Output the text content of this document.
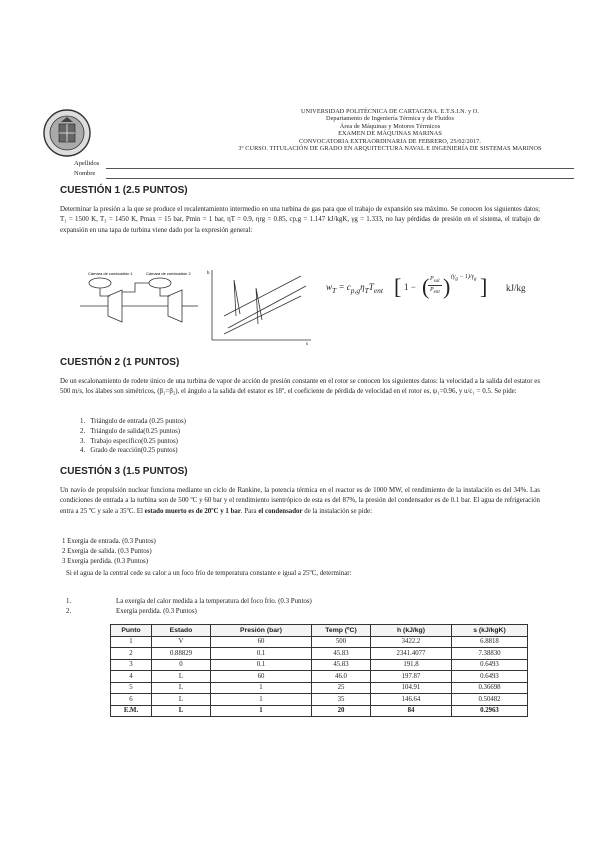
UNIVERSIDAD POLITÉCNICA DE CARTAGENA. E.T.S.I.N. y O.
Departamento de Ingeniería Térmica y de Fluidos
Área de Máquinas y Motores Térmicos
EXAMEN DE MÁQUINAS MARINAS
CONVOCATORIA EXTRAORDINARIA DE FEBRERO, 25/02/2017.
3º CURSO. TITULACIÓN DE GRADO EN ARQUITECTURA NAVAL E INGENIERÍA DE SISTEMAS MARINOS
Apellidos
Nombre
CUESTIÓN 1 (2.5 PUNTOS)
Determinar la presión a la que se produce el recalentamiento intermedio en una turbina de gas para que el trabajo de expansión sea máximo. Se conocen los siguientes datos; T₁ = 1500 K, T₃ = 1450 K, Pmax = 15 bar, Pmin = 1 bar, ηT = 0.9, ηrg = 0.85, cp,g = 1.147 kJ/kgK, γg = 1.333, no hay pérdidas de presión en el sistema, el trabajo de expansión en una tapa de turbina viene dado por la expresión general:
Cámara de combustión 1	Cámara de combustión 2	h
s
$w_T = c_{p,g}\eta_TT_{ent}$ [ 1 − ( $P_{sal}$
$P_{ent}$ ) $(\gamma_g - 1)/\gamma_g$ ] kJ/kg
CUESTIÓN 2 (1 PUNTOS)
De un escalonamiento de rodete único de una turbina de vapor de acción de presión constante en el rotor se conocen los siguientes datos: la velocidad a la salida del estator es 500 m/s, los álabes son simétricos, (β₁=β₂), el ángulo a la salida del estator es 18º, el coeficiente de pérdida de velocidad en el rotor es, ψ₁=0.96, y u/c₁ = 0.5. Se pide:
1.   Triángulo de entrada (0.25 puntos)
2.   Triángulo de salida(0.25 puntos)
3.   Trabajo específico(0.25 puntos)
4.   Grado de reacción(0.25 puntos)
CUESTIÓN 3 (1.5 PUNTOS)
Un navío de propulsión nuclear funciona mediante un ciclo de Rankine, la potencia térmica en el reactor es de 1000 MW, el rendimiento de la instalación es del 34%. Las condiciones de entrada a la turbina son de 500 ºC y 60 bar y el rendimiento isentrópico de esta es del 87%, la presión del condensador es de 0.1 bar. El agua de refrigeración entra a 25 ºC y sale a 35ºC. El estado muerto es de 20ºC y 1 bar. Para el condensador de la instalación se pide:
1 Exergía de entrada. (0.3 Puntos)
2 Exergía de salida. (0.3 Puntos)
3 Exergía perdida. (0.3 Puntos)
Si el agua de la central cede su calor a un foco frío de temperatura constante e igual a 25ºC, determinar:
1.	La exergía del calor medida a la temperatura del foco frío. (0.3 Puntos)
2.	Exergía perdida. (0.3 Puntos)
Punto	Estado	Presión (bar)	Temp (ºC)	h (kJ/kg)	s (kJ/kgK)
1	V	60	500	3422.2	6.8818
2	0.88829	0.1	45.83	2341.4077	7.38830
3	0	0.1	45.83	191.8	0.6493
4	L	60	46.0	197.87	0.6493
5	L	1	25	104.91	0.36698
6	L	1	35	146.64	0.50482
E.M.	L	1	20	84	0.2963
